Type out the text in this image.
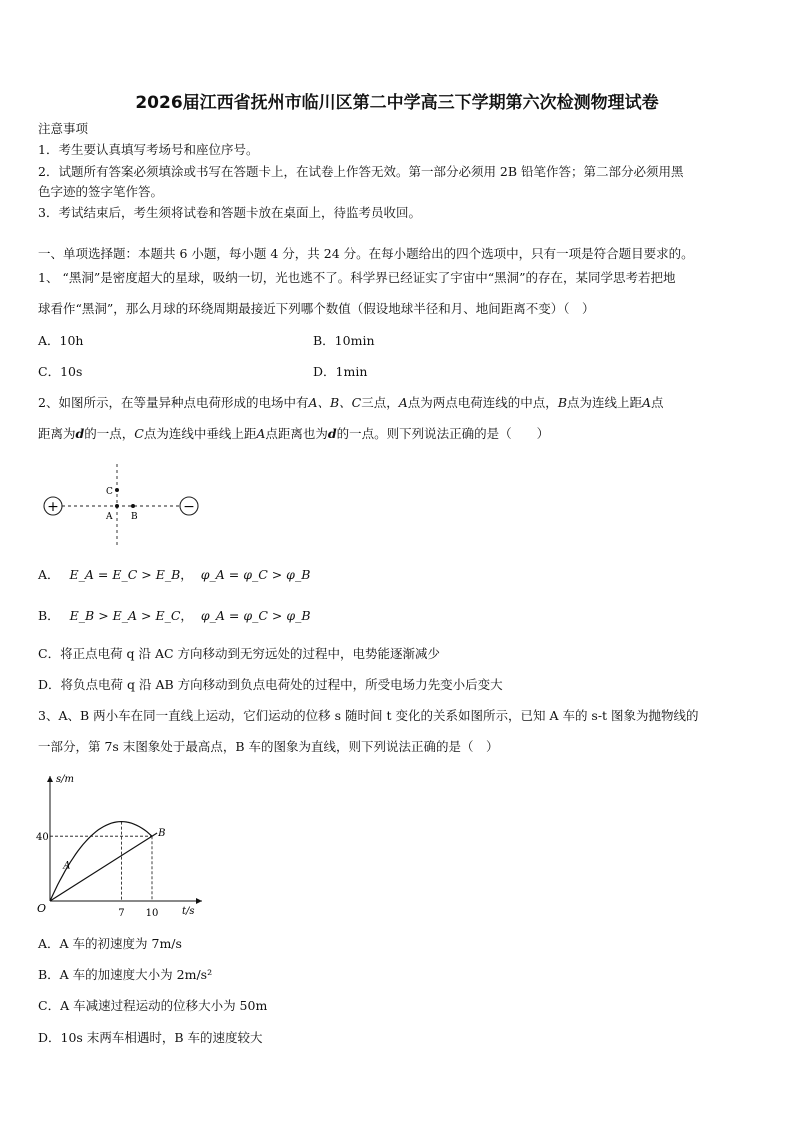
2026届江西省抚州市临川区第二中学高三下学期第六次检测物理试卷
注意事项
1．考生要认真填写考场号和座位序号。
2．试题所有答案必须填涂或书写在答题卡上，在试卷上作答无效。第一部分必须用 2B 铅笔作答；第二部分必须用黑
色字迹的签字笔作答。
3．考试结束后，考生须将试卷和答题卡放在桌面上，待监考员收回。
一、单项选择题：本题共 6 小题，每小题 4 分，共 24 分。在每小题给出的四个选项中，只有一项是符合题目要求的。
1、 “黑洞”是密度超大的星球，吸纳一切，光也逃不了。科学界已经证实了宇宙中“黑洞”的存在，某同学思考若把地
球看作“黑洞”，那么月球的环绕周期最接近下列哪个数值（假设地球半径和月、地间距离不变）（　）
A．10h	B．10min
C．10s	D．1min
2、如图所示，在等量异种点电荷形成的电场中有A、B、C三点，A点为两点电荷连线的中点，B点为连线上距A点
距离为d的一点，C点为连线中垂线上距A点距离也为d的一点。则下列说法正确的是（　　）
+	−
C
A B
A． E_A = E_C > E_B， φ_A = φ_C > φ_B
B． E_B > E_A > E_C， φ_A = φ_C > φ_B
C．将正点电荷 q 沿 AC 方向移动到无穷远处的过程中，电势能逐渐减少
D．将负点电荷 q 沿 AB 方向移动到负点电荷处的过程中，所受电场力先变小后变大
3、A、B 两小车在同一直线上运动，它们运动的位移 s 随时间 t 变化的关系如图所示，已知 A 车的 s-t 图象为抛物线的
一部分，第 7s 末图象处于最高点，B 车的图象为直线，则下列说法正确的是（　）
s/m
t/s
O
40
7 10
A
B
A．A 车的初速度为 7m/s
B．A 车的加速度大小为 2m/s²
C．A 车减速过程运动的位移大小为 50m
D．10s 末两车相遇时，B 车的速度较大
